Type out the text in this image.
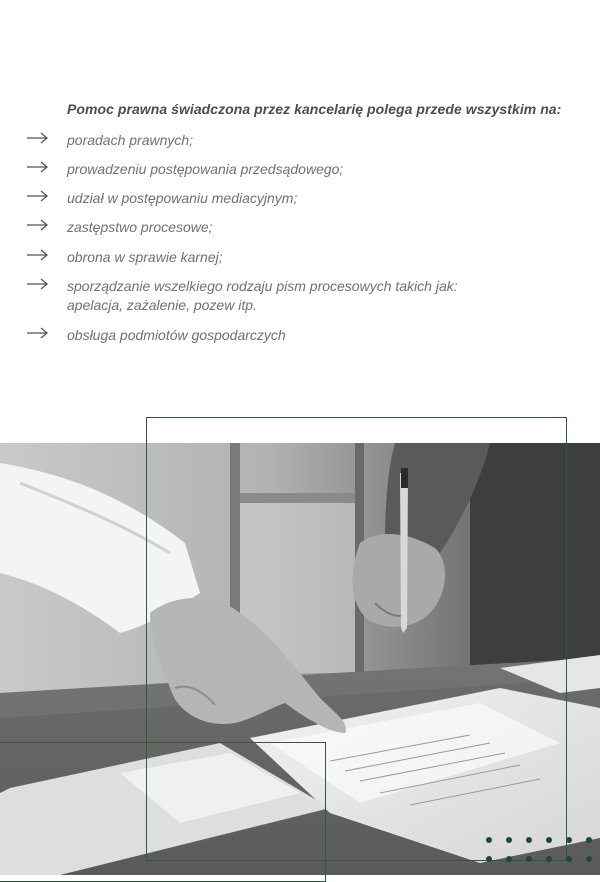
Pomoc prawna świadczona przez kancelarię polega przede wszystkim na:

poradach prawnych;
prowadzeniu postępowania przedsądowego;
udział w postępowaniu mediacyjnym;
zastępstwo procesowe;
obrona w sprawie karnej;
sporządzanie wszelkiego rodzaju pism procesowych takich jak:
apelacja, zażalenie, pozew itp.
obsługa podmiotów gospodarczych
